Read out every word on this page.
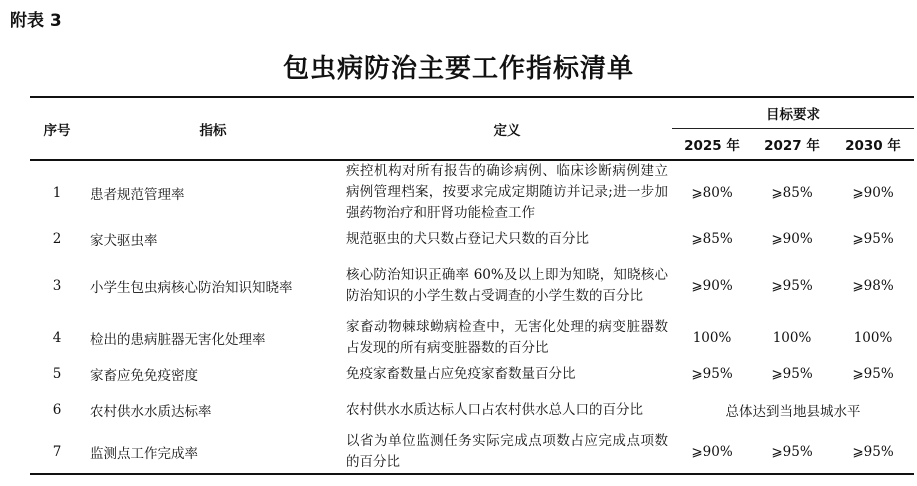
附表 3
包虫病防治主要工作指标清单

序号	指标	定义	目标要求		
			2025 年	2027 年	2030 年
1	患者规范管理率	疾控机构对所有报告的确诊病例、临床诊断病例建立病例管理档案，按要求完成定期随访并记录;进一步加强药物治疗和肝肾功能检查工作	⩾80%	⩾85%	⩾90%
2	家犬驱虫率	规范驱虫的犬只数占登记犬只数的百分比	⩾85%	⩾90%	⩾95%
3	小学生包虫病核心防治知识知晓率	核心防治知识正确率 60%及以上即为知晓，知晓核心防治知识的小学生数占受调查的小学生数的百分比	⩾90%	⩾95%	⩾98%
4	检出的患病脏器无害化处理率	家畜动物棘球蚴病检查中，无害化处理的病变脏器数占发现的所有病变脏器数的百分比	100%	100%	100%
5	家畜应免免疫密度	免疫家畜数量占应免疫家畜数量百分比	⩾95%	⩾95%	⩾95%
6	农村供水水质达标率	农村供水水质达标人口占农村供水总人口的百分比	总体达到当地县城水平		
7	监测点工作完成率	以省为单位监测任务实际完成点项数占应完成点项数的百分比	⩾90%	⩾95%	⩾95%
